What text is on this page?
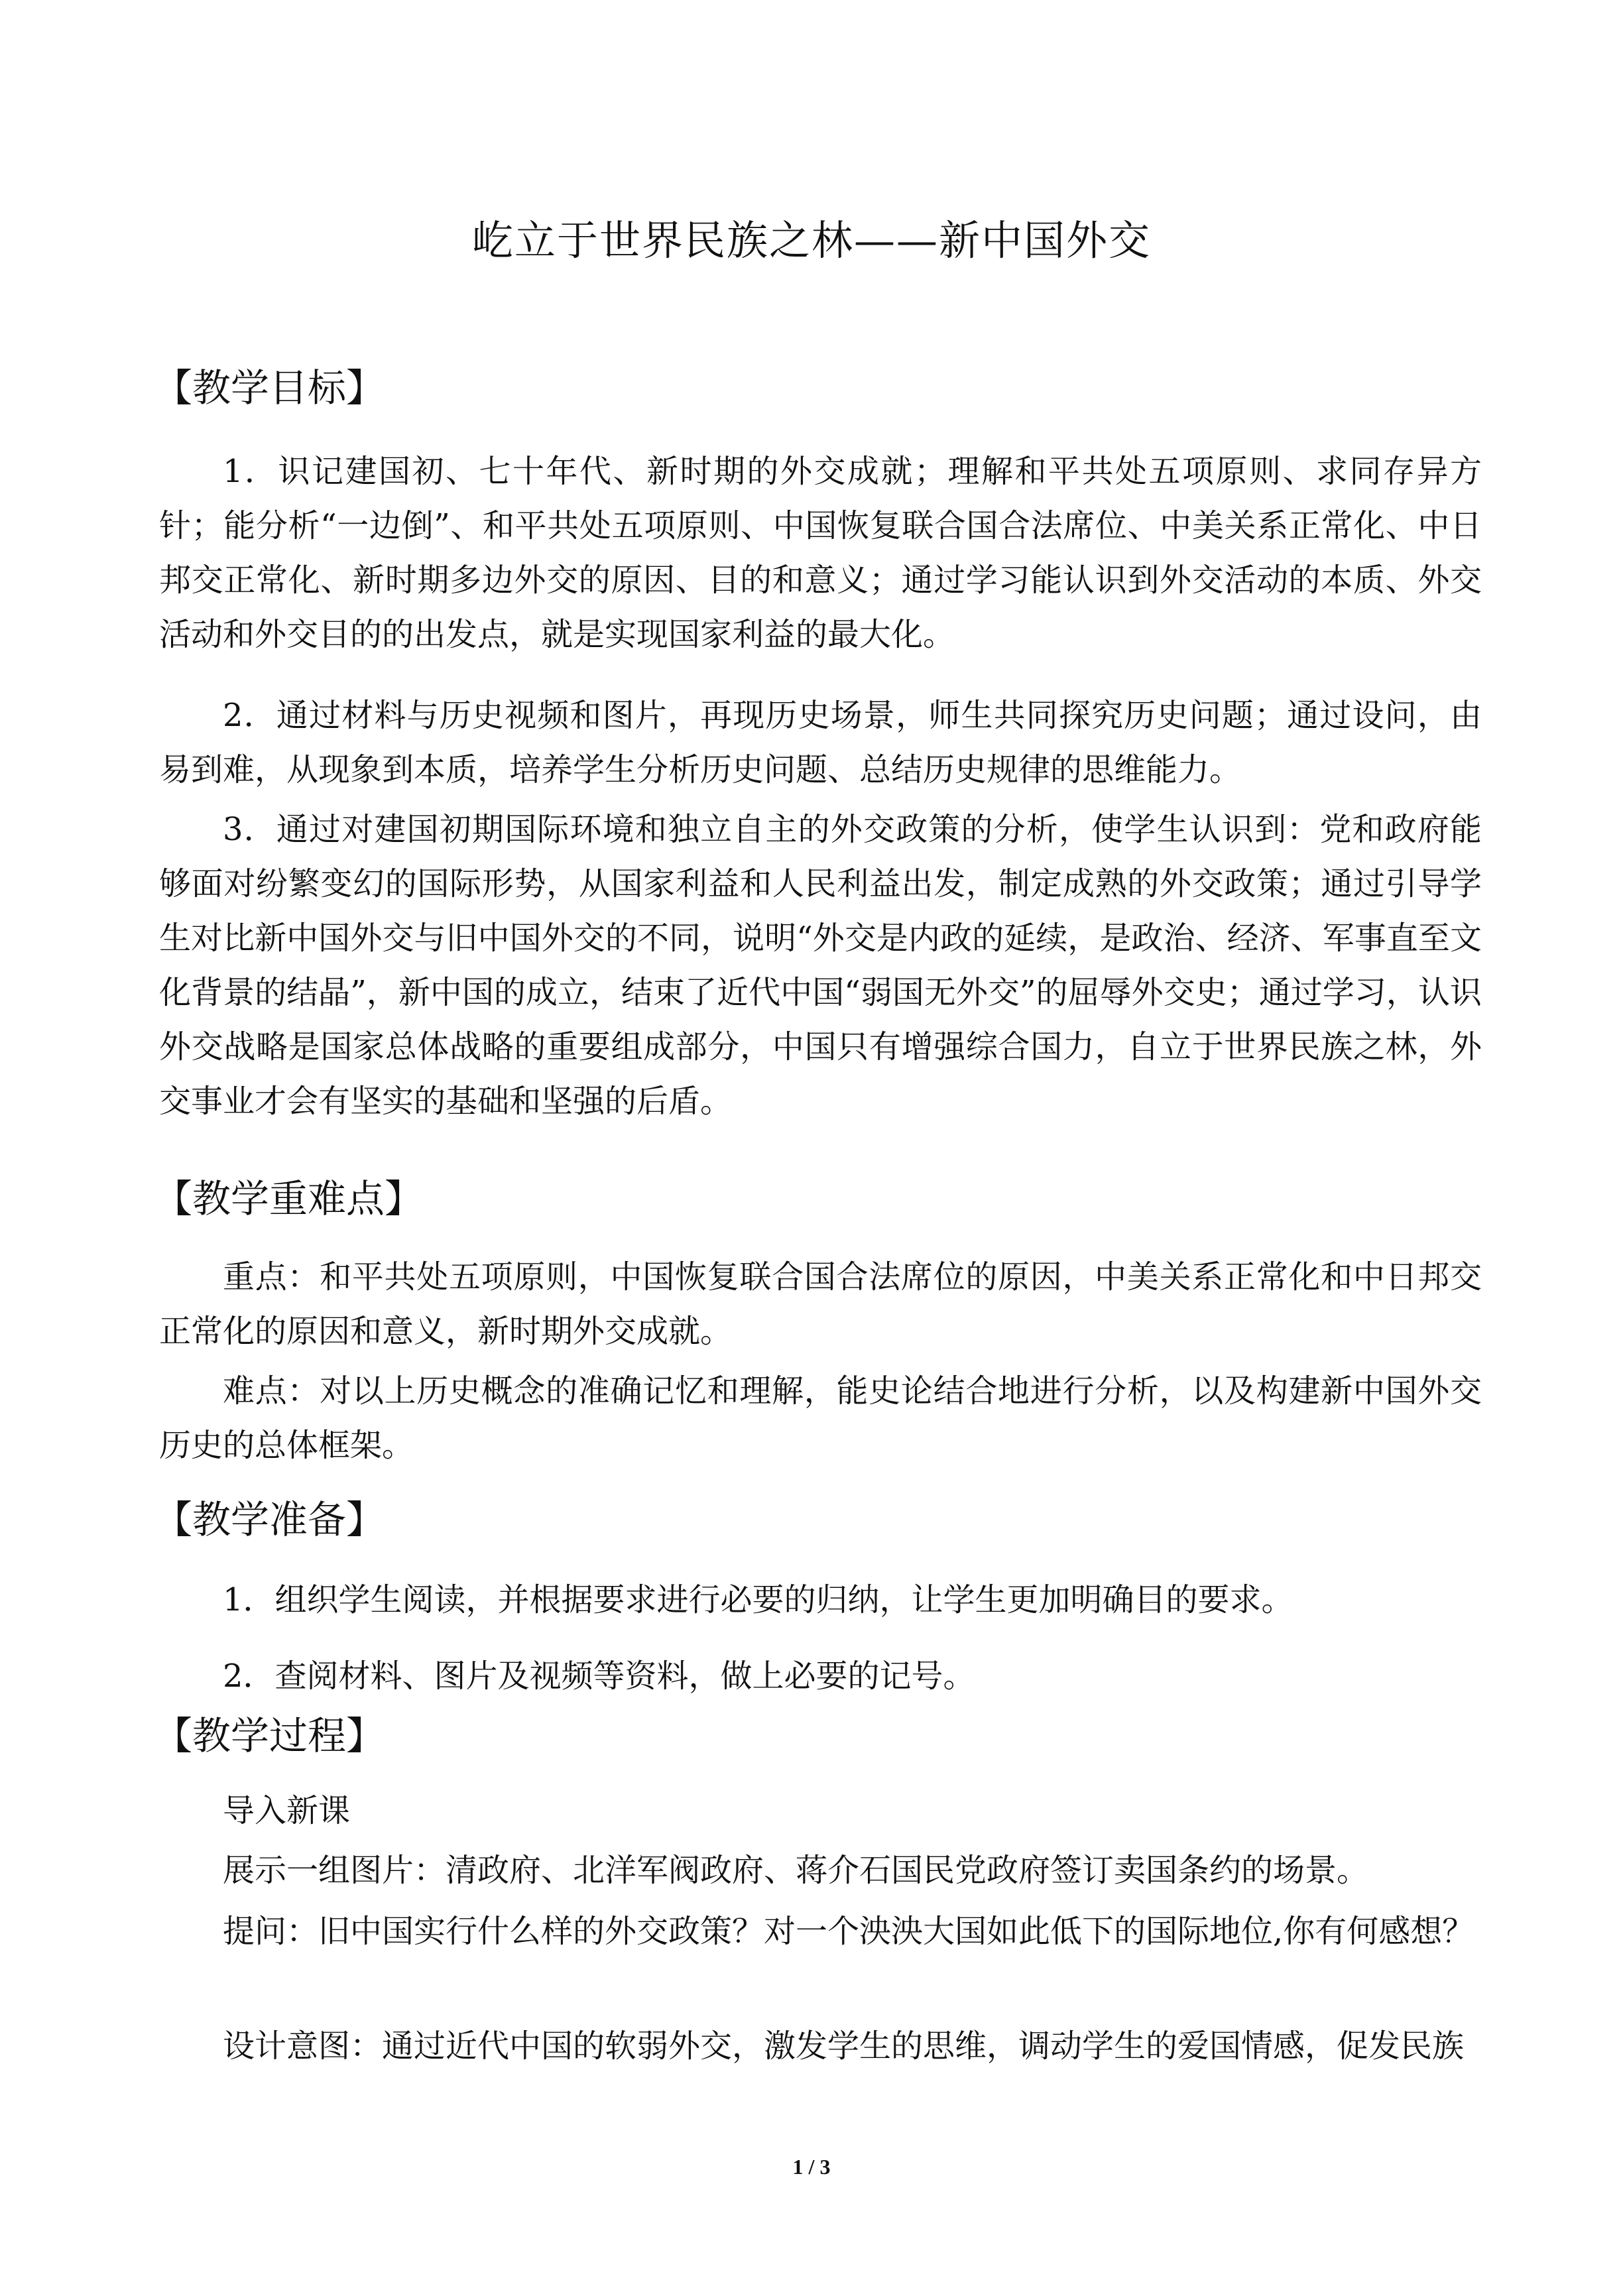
屹立于世界民族之林——新中国外交
【教学目标】

1．识记建国初、七十年代、新时期的外交成就；理解和平共处五项原则、求同存异方针；能分析“一边倒”、和平共处五项原则、中国恢复联合国合法席位、中美关系正常化、中日邦交正常化、新时期多边外交的原因、目的和意义；通过学习能认识到外交活动的本质、外交活动和外交目的的出发点，就是实现国家利益的最大化。

2．通过材料与历史视频和图片，再现历史场景，师生共同探究历史问题；通过设问，由易到难，从现象到本质，培养学生分析历史问题、总结历史规律的思维能力。

3．通过对建国初期国际环境和独立自主的外交政策的分析，使学生认识到：党和政府能够面对纷繁变幻的国际形势，从国家利益和人民利益出发，制定成熟的外交政策；通过引导学生对比新中国外交与旧中国外交的不同，说明“外交是内政的延续，是政治、经济、军事直至文化背景的结晶”，新中国的成立，结束了近代中国“弱国无外交”的屈辱外交史；通过学习，认识外交战略是国家总体战略的重要组成部分，中国只有增强综合国力，自立于世界民族之林，外交事业才会有坚实的基础和坚强的后盾。

【教学重难点】

重点：和平共处五项原则，中国恢复联合国合法席位的原因，中美关系正常化和中日邦交正常化的原因和意义，新时期外交成就。

难点：对以上历史概念的准确记忆和理解，能史论结合地进行分析，以及构建新中国外交历史的总体框架。

【教学准备】

1．组织学生阅读，并根据要求进行必要的归纳，让学生更加明确目的要求。

2．查阅材料、图片及视频等资料，做上必要的记号。

【教学过程】

导入新课

展示一组图片：清政府、北洋军阀政府、蒋介石国民党政府签订卖国条约的场景。

提问：旧中国实行什么样的外交政策？对一个泱泱大国如此低下的国际地位,你有何感想？

设计意图：通过近代中国的软弱外交，激发学生的思维，调动学生的爱国情感，促发民族

1 / 3
